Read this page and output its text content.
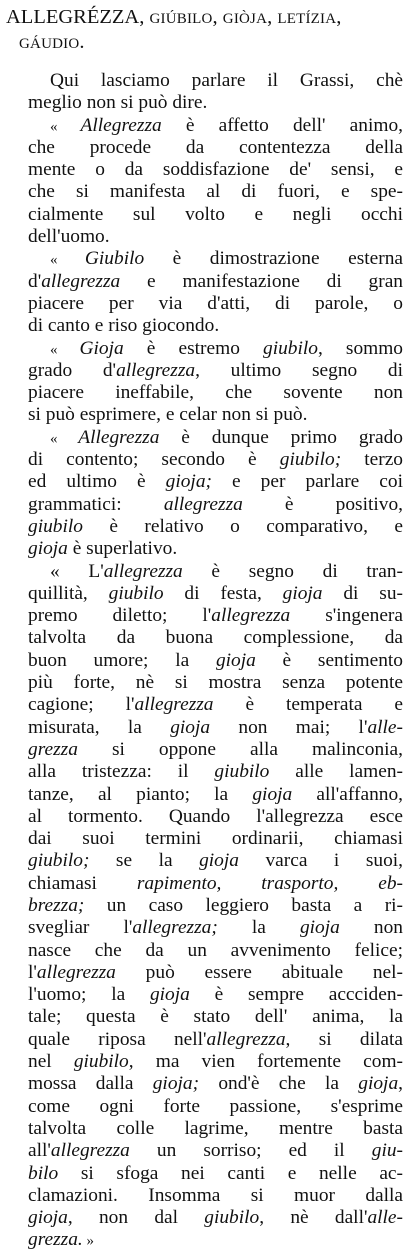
ALLEGRÉZZA, GIÚBILO, GIÒJA, LETÍZIA,
GÁUDIO.
Qui lasciamo parlare il Grassi, chè
meglio non si può dire.
« Allegrezza è affetto dell' animo,
che procede da contentezza della
mente o da soddisfazione de' sensi, e
che si manifesta al di fuori, e spe-
cialmente sul volto e negli occhi
dell'uomo.
« Giubilo è dimostrazione esterna
d'allegrezza e manifestazione di gran
piacere per via d'atti, di parole, o
di canto e riso giocondo.
« Gioja è estremo giubilo, sommo
grado d'allegrezza, ultimo segno di
piacere ineffabile, che sovente non
si può esprimere, e celar non si può.
« Allegrezza è dunque primo grado
di contento; secondo è giubilo; terzo
ed ultimo è gioja; e per parlare coi
grammatici: allegrezza è positivo,
giubilo è relativo o comparativo, e
gioja è superlativo.
« L'allegrezza è segno di tran-
quillità, giubilo di festa, gioja di su-
premo diletto; l'allegrezza s'ingenera
talvolta da buona complessione, da
buon umore; la gioja è sentimento
più forte, nè si mostra senza potente
cagione; l'allegrezza è temperata e
misurata, la gioja non mai; l'alle-
grezza si oppone alla malinconia,
alla tristezza: il giubilo alle lamen-
tanze, al pianto; la gioja all'affanno,
al tormento. Quando l'allegrezza esce
dai suoi termini ordinarii, chiamasi
giubilo; se la gioja varca i suoi,
chiamasi rapimento, trasporto, eb-
brezza; un caso leggiero basta a ri-
svegliar l'allegrezza; la gioja non
nasce che da un avvenimento felice;
l'allegrezza può essere abituale nel-
l'uomo; la gioja è sempre accciden-
tale; questa è stato dell' anima, la
quale riposa nell'allegrezza, si dilata
nel giubilo, ma vien fortemente com-
mossa dalla gioja; ond'è che la gioja,
come ogni forte passione, s'esprime
talvolta colle lagrime, mentre basta
all'allegrezza un sorriso; ed il giu-
bilo si sfoga nei canti e nelle ac-
clamazioni. Insomma si muor dalla
gioja, non dal giubilo, nè dall'alle-
grezza. »
